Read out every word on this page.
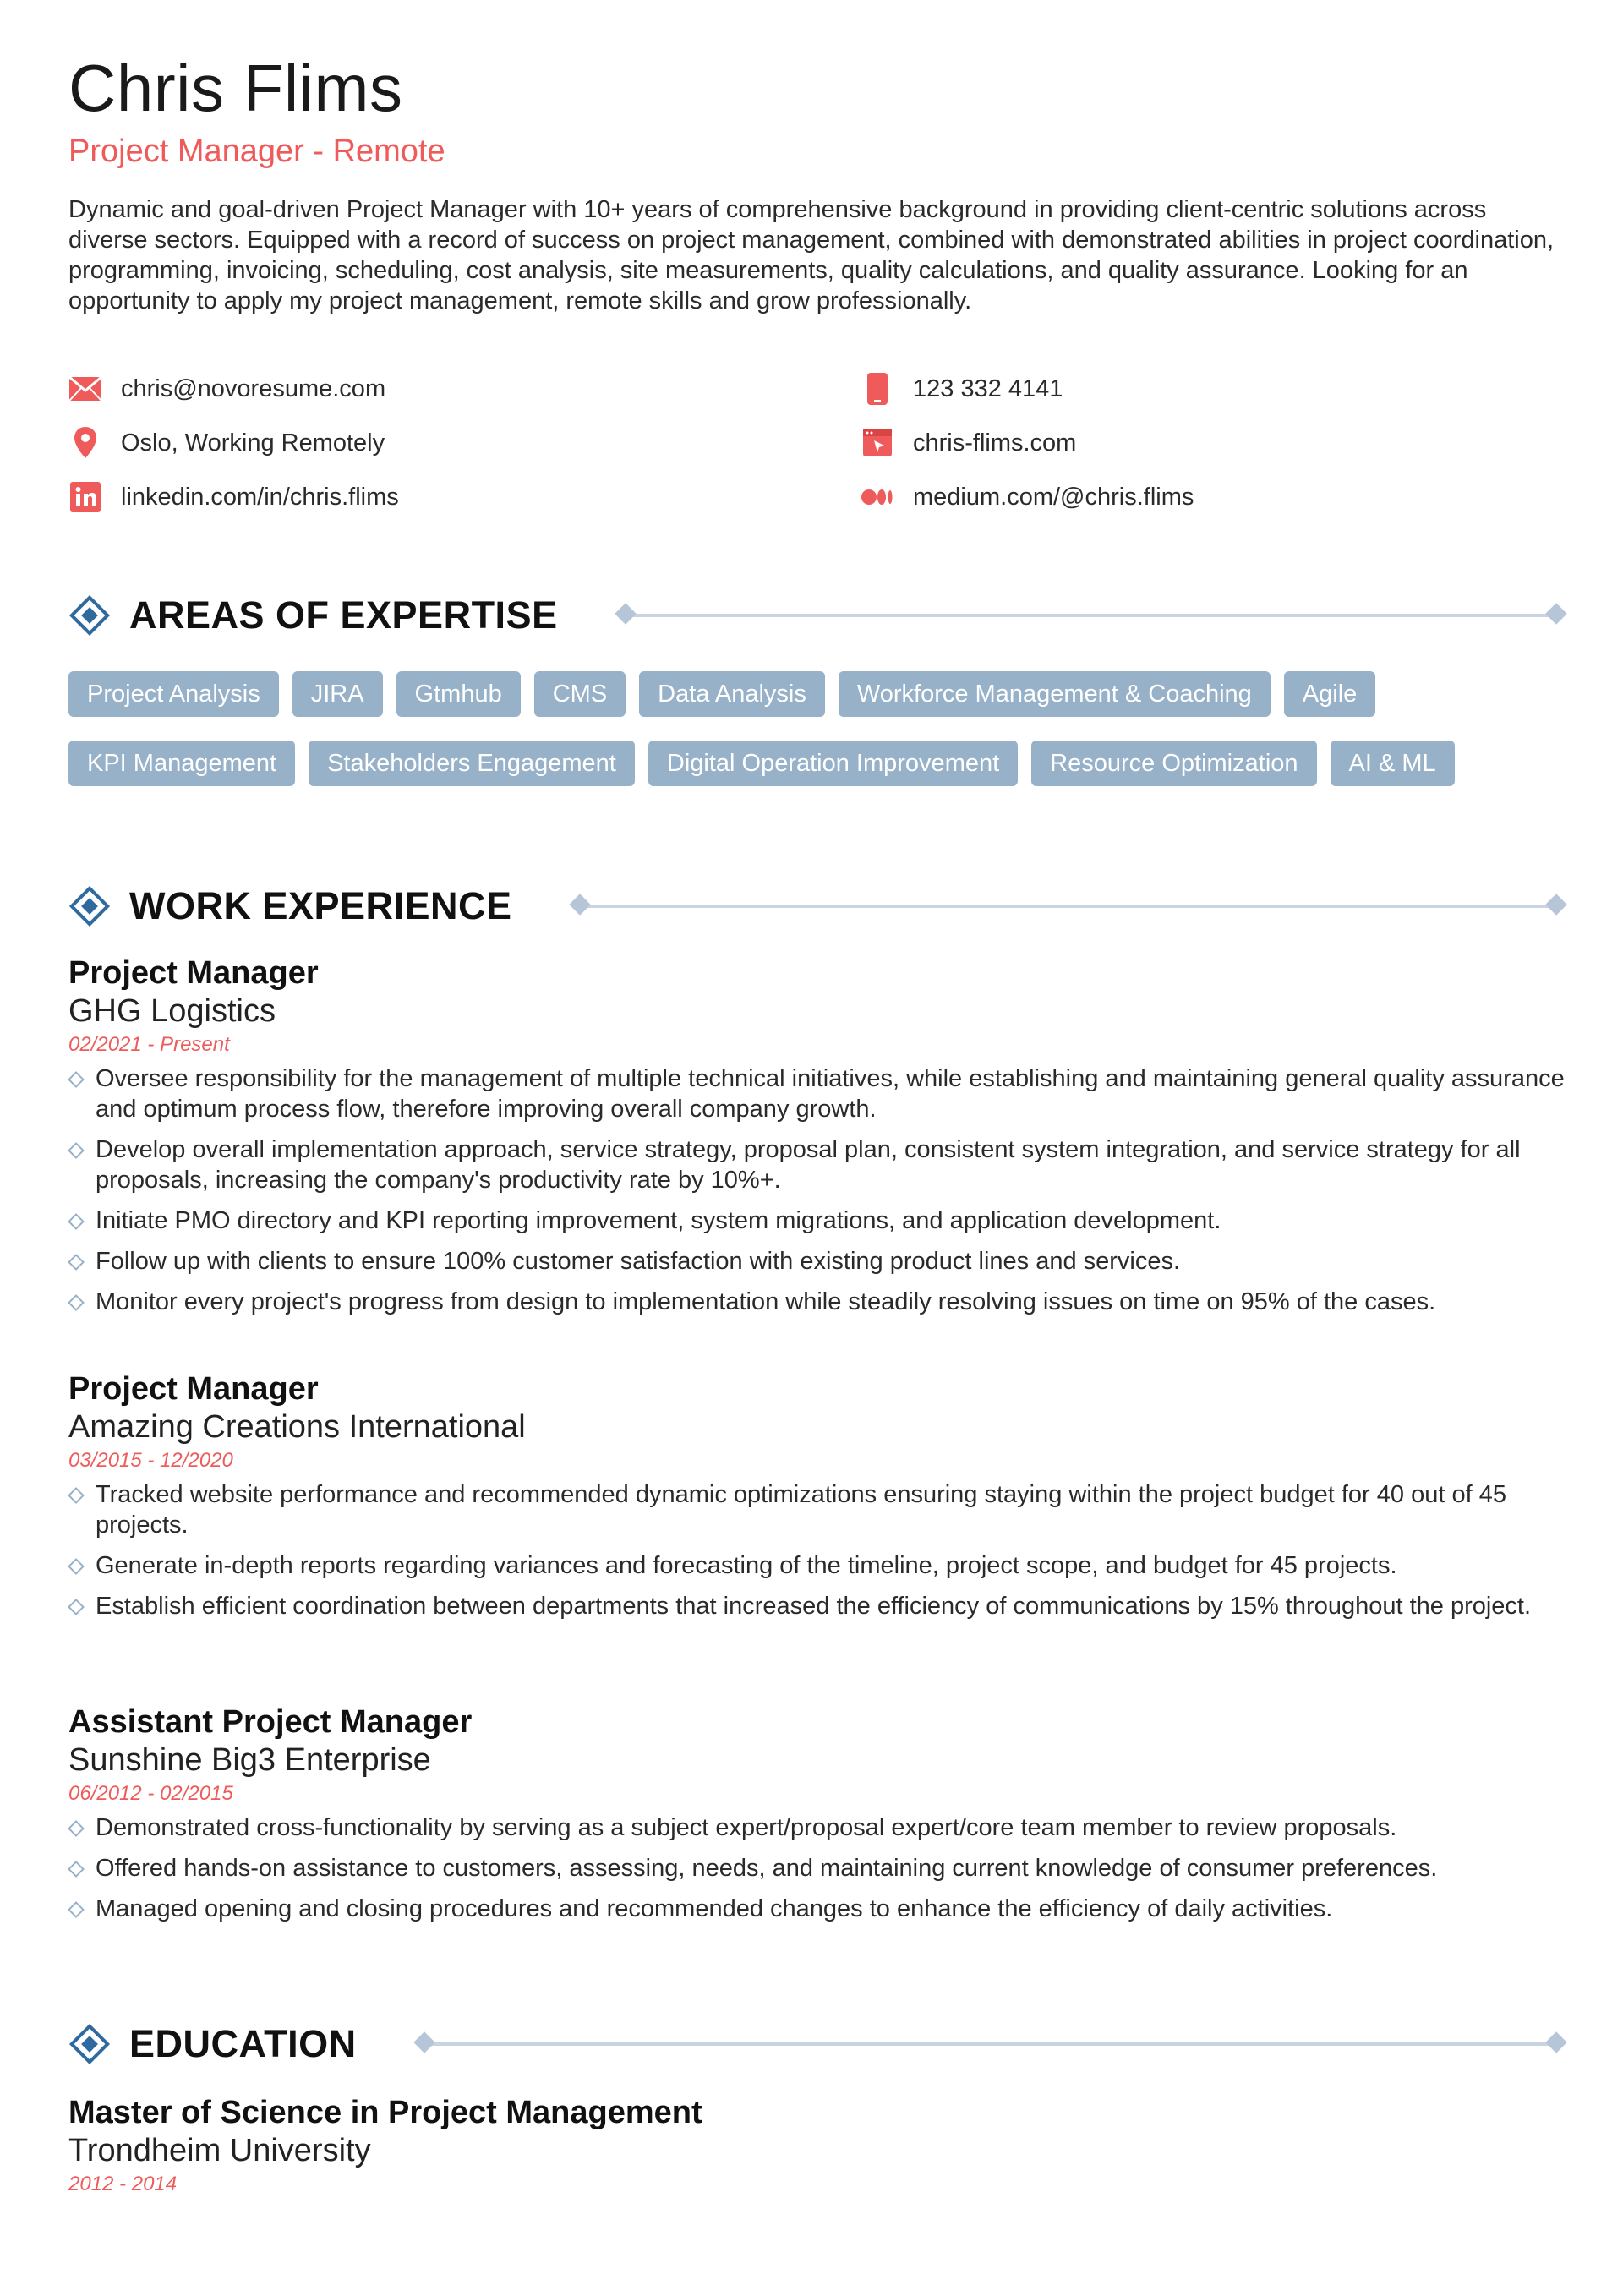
Chris Flims
Project Manager - Remote

Dynamic and goal-driven Project Manager with 10+ years of comprehensive background in providing client-centric solutions across diverse sectors. Equipped with a record of success on project management, combined with demonstrated abilities in project coordination, programming, invoicing, scheduling, cost analysis, site measurements, quality calculations, and quality assurance. Looking for an opportunity to apply my project management, remote skills and grow professionally.

chris@novoresume.com
Oslo, Working Remotely
linkedin.com/in/chris.flims
123 332 4141
chris-flims.com
medium.com/@chris.flims
AREAS OF EXPERTISE
Project Analysis	JIRA	Gtmhub	CMS	Data Analysis	Workforce Management & Coaching	Agile
KPI Management	Stakeholders Engagement	Digital Operation Improvement	Resource Optimization	AI & ML
WORK EXPERIENCE

Project Manager

GHG Logistics

02/2021 - Present

Oversee responsibility for the management of multiple technical initiatives, while establishing and maintaining general quality assurance and optimum process flow, therefore improving overall company growth.
Develop overall implementation approach, service strategy, proposal plan, consistent system integration, and service strategy for all proposals, increasing the company's productivity rate by 10%+.
Initiate PMO directory and KPI reporting improvement, system migrations, and application development.
Follow up with clients to ensure 100% customer satisfaction with existing product lines and services.
Monitor every project's progress from design to implementation while steadily resolving issues on time on 95% of the cases.

Project Manager

Amazing Creations International

03/2015 - 12/2020

Tracked website performance and recommended dynamic optimizations ensuring staying within the project budget for 40 out of 45 projects.
Generate in-depth reports regarding variances and forecasting of the timeline, project scope, and budget for 45 projects.
Establish efficient coordination between departments that increased the efficiency of communications by 15% throughout the project.

Assistant Project Manager

Sunshine Big3 Enterprise

06/2012 - 02/2015

Demonstrated cross-functionality by serving as a subject expert/proposal expert/core team member to review proposals.
Offered hands-on assistance to customers, assessing, needs, and maintaining current knowledge of consumer preferences.
Managed opening and closing procedures and recommended changes to enhance the efficiency of daily activities.
EDUCATION

Master of Science in Project Management

Trondheim University

2012 - 2014
